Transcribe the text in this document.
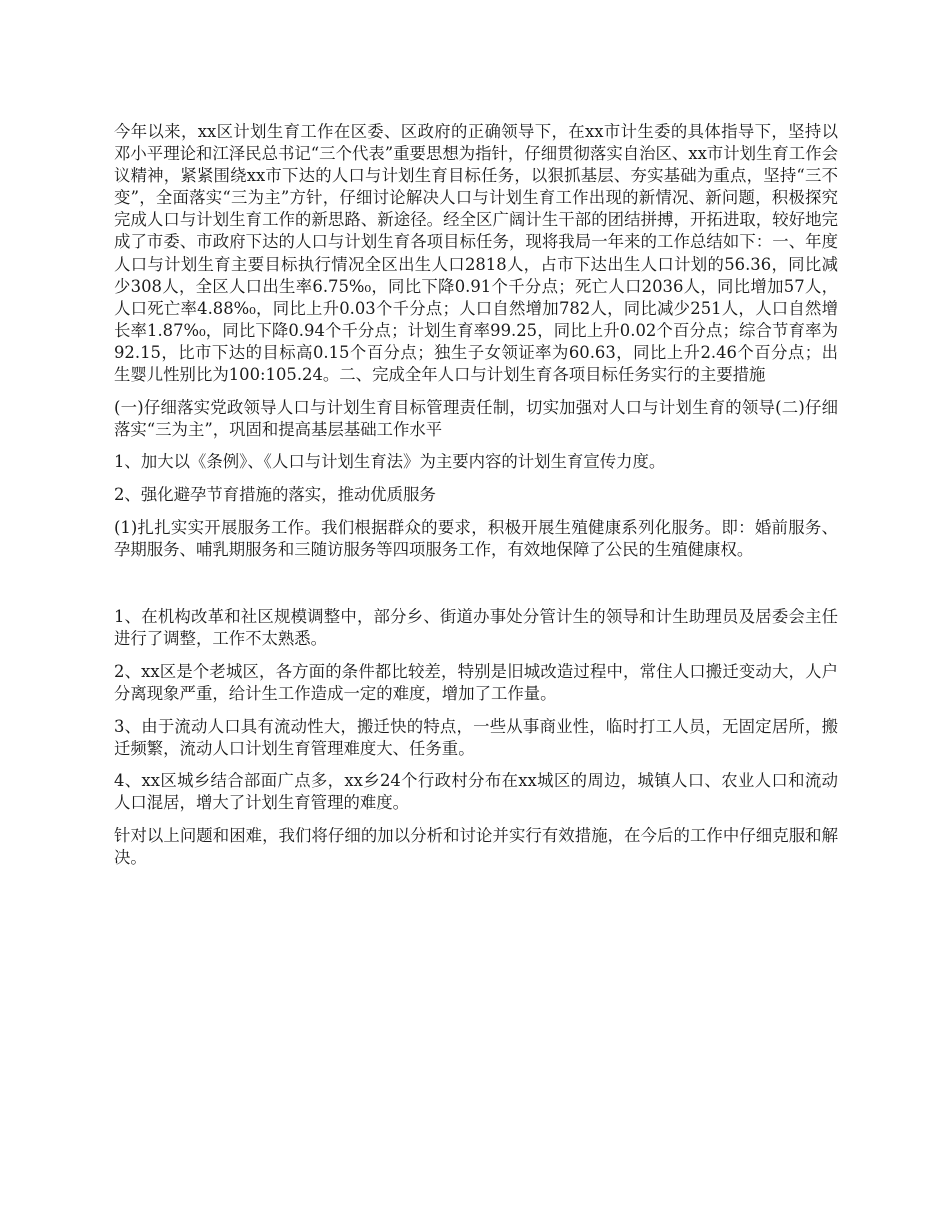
今年以来，xx区计划生育工作在区委、区政府的正确领导下，在xx市计生委的具体指导下，坚持以邓小平理论和江泽民总书记“三个代表”重要思想为指针，仔细贯彻落实自治区、xx市计划生育工作会议精神，紧紧围绕xx市下达的人口与计划生育目标任务，以狠抓基层、夯实基础为重点，坚持“三不变”，全面落实“三为主”方针，仔细讨论解决人口与计划生育工作出现的新情况、新问题，积极探究完成人口与计划生育工作的新思路、新途径。经全区广阔计生干部的团结拼搏，开拓进取，较好地完成了市委、市政府下达的人口与计划生育各项目标任务，现将我局一年来的工作总结如下：一、年度人口与计划生育主要目标执行情况全区出生人口2818人，占市下达出生人口计划的56.36，同比减少308人，全区人口出生率6.75%₀，同比下降0.91个千分点；死亡人口2036人，同比增加57人，人口死亡率4.88%₀，同比上升0.03个千分点；人口自然增加782人，同比减少251人，人口自然增长率1.87%₀，同比下降0.94个千分点；计划生育率99.25，同比上升0.02个百分点；综合节育率为92.15，比市下达的目标高0.15个百分点；独生子女领证率为60.63，同比上升2.46个百分点；出生婴儿性别比为100:105.24。二、完成全年人口与计划生育各项目标任务实行的主要措施

(一)仔细落实党政领导人口与计划生育目标管理责任制，切实加强对人口与计划生育的领导(二)仔细落实“三为主”，巩固和提高基层基础工作水平

1、加大以《条例》、《人口与计划生育法》为主要内容的计划生育宣传力度。

2、强化避孕节育措施的落实，推动优质服务

(1)扎扎实实开展服务工作。我们根据群众的要求，积极开展生殖健康系列化服务。即：婚前服务、孕期服务、哺乳期服务和三随访服务等四项服务工作，有效地保障了公民的生殖健康权。

1、在机构改革和社区规模调整中，部分乡、街道办事处分管计生的领导和计生助理员及居委会主任进行了调整，工作不太熟悉。

2、xx区是个老城区，各方面的条件都比较差，特别是旧城改造过程中，常住人口搬迁变动大，人户分离现象严重，给计生工作造成一定的难度，增加了工作量。

3、由于流动人口具有流动性大，搬迁快的特点，一些从事商业性，临时打工人员，无固定居所，搬迁频繁，流动人口计划生育管理难度大、任务重。

4、xx区城乡结合部面广点多，xx乡24个行政村分布在xx城区的周边，城镇人口、农业人口和流动人口混居，增大了计划生育管理的难度。

针对以上问题和困难，我们将仔细的加以分析和讨论并实行有效措施，在今后的工作中仔细克服和解决。
